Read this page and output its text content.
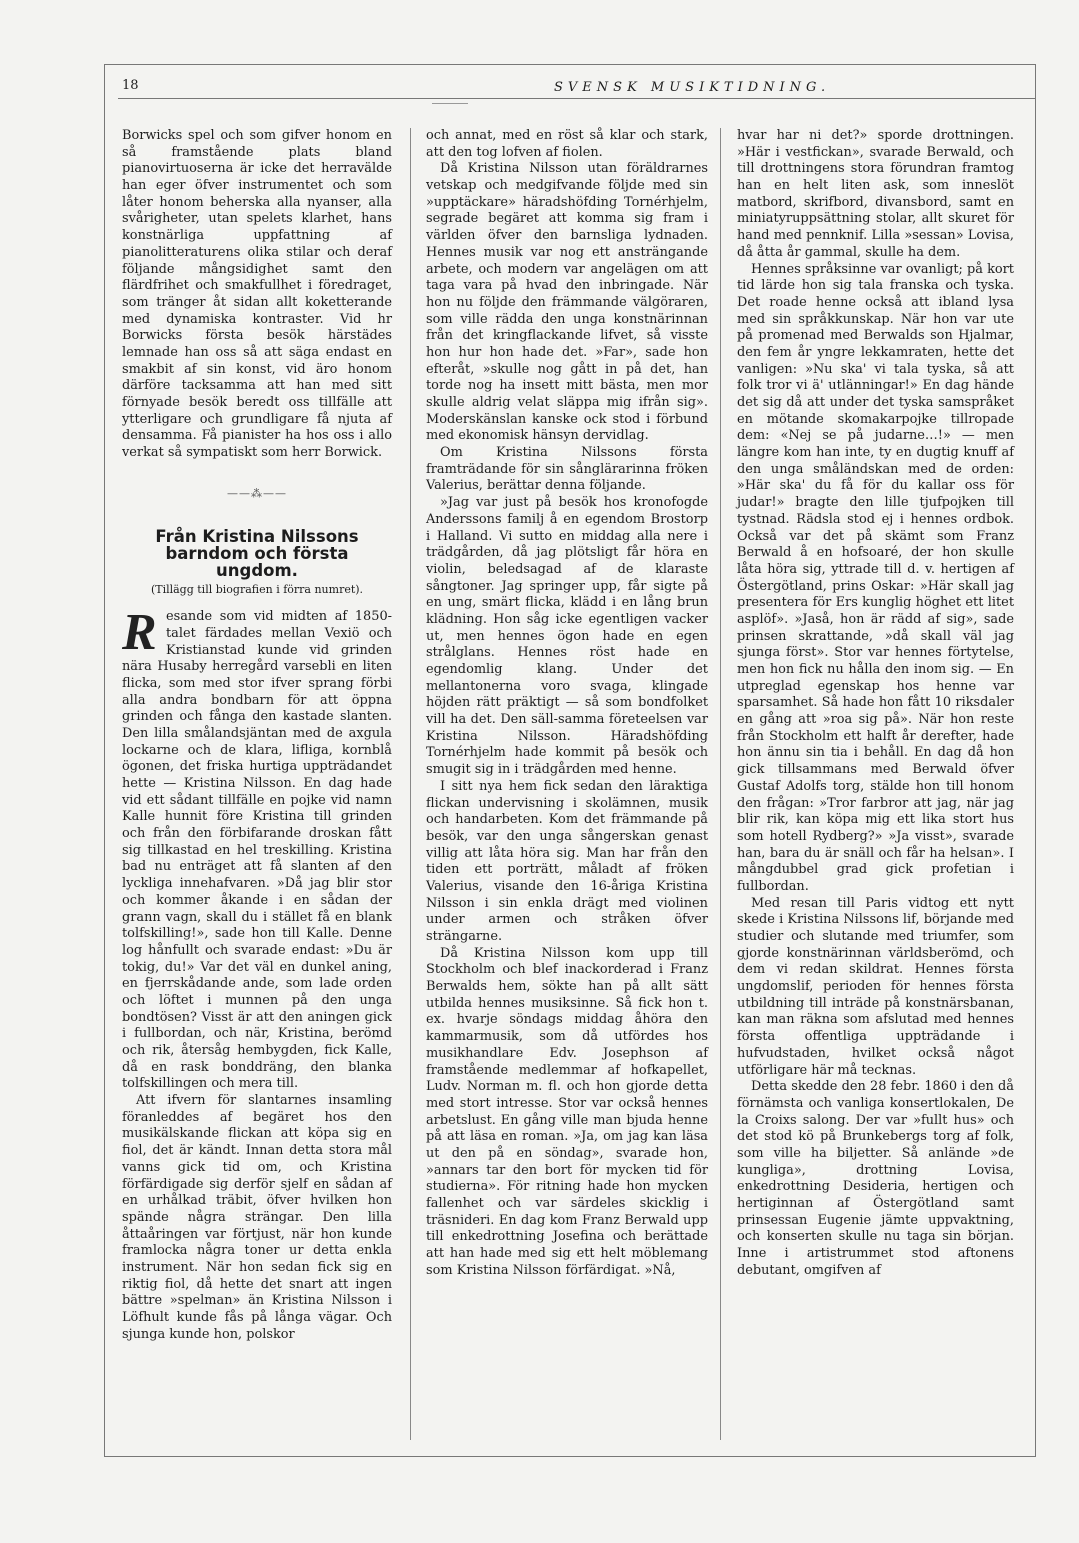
18	SVENSK MUSIKTIDNING.

Borwicks spel och som gifver honom en så framstående plats bland pianovirtuoserna är icke det herravälde han eger öfver instrumentet och som låter honom beherska alla nyanser, alla svårigheter, utan spelets klarhet, hans konstnärliga uppfattning af pianolitteraturens olika stilar och deraf följande mångsidighet samt den flärdfrihet och smakfullhet i föredraget, som tränger åt sidan allt koketterande med dynamiska kontraster. Vid hr Borwicks första besök härstädes lemnade han oss så att säga endast en smakbit af sin konst, vid äro honom därföre tacksamma att han med sitt förnyade besök beredt oss tillfälle att ytterligare och grundligare få njuta af densamma. Få pianister ha hos oss i allo verkat så sympatiskt som herr Borwick.

——⁂——
Från Kristina Nilssons barndom och första ungdom.
(Tillägg till biografien i förra numret).

Resande som vid midten af 1850-talet färdades mellan Vexiö och Kristianstad kunde vid grinden nära Husaby herregård varsebli en liten flicka, som med stor ifver sprang förbi alla andra bondbarn för att öppna grinden och fånga den kastade slanten. Den lilla smålandsjäntan med de axgula lockarne och de klara, lifliga, kornblå ögonen, det friska hurtiga uppträdandet hette — Kristina Nilsson. En dag hade vid ett sådant tillfälle en pojke vid namn Kalle hunnit före Kristina till grinden och från den förbifarande droskan fått sig tillkastad en hel treskilling. Kristina bad nu enträget att få slanten af den lyckliga innehafvaren. »Då jag blir stor och kommer åkande i en sådan der grann vagn, skall du i stället få en blank tolfskilling!», sade hon till Kalle. Denne log hånfullt och svarade endast: »Du är tokig, du!» Var det väl en dunkel aning, en fjerrskådande ande, som lade orden och löftet i munnen på den unga bondtösen? Visst är att den aningen gick i fullbordan, och när, Kristina, berömd och rik, återsåg hembygden, fick Kalle, då en rask bonddräng, den blanka tolfskillingen och mera till.

Att ifvern för slantarnes insamling föranleddes af begäret hos den musikälskande flickan att köpa sig en fiol, det är kändt. Innan detta stora mål vanns gick tid om, och Kristina förfärdigade sig derför sjelf en sådan af en urhålkad träbit, öfver hvilken hon spände några strängar. Den lilla åttaåringen var förtjust, när hon kunde framlocka några toner ur detta enkla instrument. När hon sedan fick sig en riktig fiol, då hette det snart att ingen bättre »spelman» än Kristina Nilsson i Löfhult kunde fås på långa vägar. Och sjunga kunde hon, polskor

och annat, med en röst så klar och stark, att den tog lofven af fiolen.

Då Kristina Nilsson utan föräldrarnes vetskap och medgifvande följde med sin »upptäckare» häradshöfding Tornérhjelm, segrade begäret att komma sig fram i världen öfver den barnsliga lydnaden. Hennes musik var nog ett ansträngande arbete, och modern var angelägen om att taga vara på hvad den inbringade. När hon nu följde den främmande välgöraren, som ville rädda den unga konstnärinnan från det kringflackande lifvet, så visste hon hur hon hade det. »Far», sade hon efteråt, »skulle nog gått in på det, han torde nog ha insett mitt bästa, men mor skulle aldrig velat släppa mig ifrån sig». Moderskänslan kanske ock stod i förbund med ekonomisk hänsyn dervidlag.

Om Kristina Nilssons första framträdande för sin sånglärarinna fröken Valerius, berättar denna följande.

»Jag var just på besök hos kronofogde Anderssons familj å en egendom Brostorp i Halland. Vi sutto en middag alla nere i trädgården, då jag plötsligt får höra en violin, beledsagad af de klaraste sångtoner. Jag springer upp, får sigte på en ung, smärt flicka, klädd i en lång brun klädning. Hon såg icke egentligen vacker ut, men hennes ögon hade en egen strålglans. Hennes röst hade en egendomlig klang. Under det mellantonerna voro svaga, klingade höjden rätt präktigt — så som bondfolket vill ha det. Den säll-samma företeelsen var Kristina Nilsson. Häradshöfding Tornérhjelm hade kommit på besök och smugit sig in i trädgården med henne.

I sitt nya hem fick sedan den läraktiga flickan undervisning i skolämnen, musik och handarbeten. Kom det främmande på besök, var den unga sångerskan genast villig att låta höra sig. Man har från den tiden ett porträtt, måladt af fröken Valerius, visande den 16-åriga Kristina Nilsson i sin enkla drägt med violinen under armen och stråken öfver strängarne.

Då Kristina Nilsson kom upp till Stockholm och blef inackorderad i Franz Berwalds hem, sökte han på allt sätt utbilda hennes musiksinne. Så fick hon t. ex. hvarje söndags middag åhöra den kammarmusik, som då utfördes hos musikhandlare Edv. Josephson af framstående medlemmar af hofkapellet, Ludv. Norman m. fl. och hon gjorde detta med stort intresse. Stor var också hennes arbetslust. En gång ville man bjuda henne på att läsa en roman. »Ja, om jag kan läsa ut den på en söndag», svarade hon, »annars tar den bort för mycken tid för studierna». För ritning hade hon mycken fallenhet och var särdeles skicklig i träsnideri. En dag kom Franz Berwald upp till enkedrottning Josefina och berättade att han hade med sig ett helt möblemang som Kristina Nilsson förfärdigat. »Nå,

hvar har ni det?» sporde drottningen. »Här i vestfickan», svarade Berwald, och till drottningens stora förundran framtog han en helt liten ask, som inneslöt matbord, skrifbord, divansbord, samt en miniatyruppsättning stolar, allt skuret för hand med pennknif. Lilla »sessan» Lovisa, då åtta år gammal, skulle ha dem.

Hennes språksinne var ovanligt; på kort tid lärde hon sig tala franska och tyska. Det roade henne också att ibland lysa med sin språkkunskap. När hon var ute på promenad med Berwalds son Hjalmar, den fem år yngre lekkamraten, hette det vanligen: »Nu ska' vi tala tyska, så att folk tror vi ä' utlänningar!» En dag hände det sig då att under det tyska samspråket en mötande skomakarpojke tillropade dem: «Nej se på judarne…!» — men längre kom han inte, ty en dugtig knuff af den unga småländskan med de orden: »Här ska' du få för du kallar oss för judar!» bragte den lille tjufpojken till tystnad. Rädsla stod ej i hennes ordbok. Också var det på skämt som Franz Berwald å en hofsoaré, der hon skulle låta höra sig, yttrade till d. v. hertigen af Östergötland, prins Oskar: »Här skall jag presentera för Ers kunglig höghet ett litet asplöf». »Jaså, hon är rädd af sig», sade prinsen skrattande, »då skall väl jag sjunga först». Stor var hennes förtytelse, men hon fick nu hålla den inom sig. — En utpreglad egenskap hos henne var sparsamhet. Så hade hon fått 10 riksdaler en gång att »roa sig på». När hon reste från Stockholm ett halft år derefter, hade hon ännu sin tia i behåll. En dag då hon gick tillsammans med Berwald öfver Gustaf Adolfs torg, stälde hon till honom den frågan: »Tror farbror att jag, när jag blir rik, kan köpa mig ett lika stort hus som hotell Rydberg?» »Ja visst», svarade han, bara du är snäll och får ha helsan». I mångdubbel grad gick profetian i fullbordan.

Med resan till Paris vidtog ett nytt skede i Kristina Nilssons lif, börjande med studier och slutande med triumfer, som gjorde konstnärinnan världsberömd, och dem vi redan skildrat. Hennes första ungdomslif, perioden för hennes första utbildning till inträde på konstnärsbanan, kan man räkna som afslutad med hennes första offentliga uppträdande i hufvudstaden, hvilket också något utförligare här må tecknas.

Detta skedde den 28 febr. 1860 i den då förnämsta och vanliga konsertlokalen, De la Croixs salong. Der var »fullt hus» och det stod kö på Brunkebergs torg af folk, som ville ha biljetter. Så anlände »de kungliga», drottning Lovisa, enkedrottning Desideria, hertigen och hertiginnan af Östergötland samt prinsessan Eugenie jämte uppvaktning, och konserten skulle nu taga sin början. Inne i artistrummet stod aftonens debutant, omgifven af
